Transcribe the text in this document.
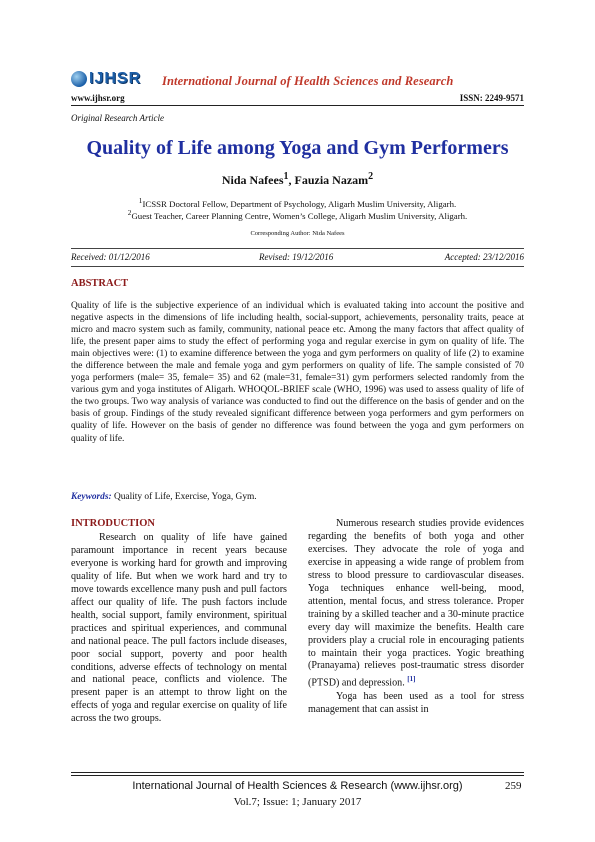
IJHSR International Journal of Health Sciences and Research
www.ijhsr.org	ISSN: 2249-9571
Original Research Article
Quality of Life among Yoga and Gym Performers
Nida Nafees$^1$, Fauzia Nazam$^2$
$^1$ICSSR Doctoral Fellow, Department of Psychology, Aligarh Muslim University, Aligarh.
$^2$Guest Teacher, Career Planning Centre, Women’s College, Aligarh Muslim University, Aligarh.
Corresponding Author: Nida Nafees
Received: 01/12/2016	Revised: 19/12/2016	Accepted: 23/12/2016
ABSTRACT
Quality of life is the subjective experience of an individual which is evaluated taking into account the positive and negative aspects in the dimensions of life including health, social-support, achievements, personality traits, peace at micro and macro system such as family, community, national peace etc. Among the many factors that affect quality of life, the present paper aims to study the effect of performing yoga and regular exercise in gym on quality of life. The main objectives were: (1) to examine difference between the yoga and gym performers on quality of life (2) to examine the difference between the male and female yoga and gym performers on quality of life. The sample consisted of 70 yoga performers (male= 35, female= 35) and 62 (male=31, female=31) gym performers selected randomly from the various gym and yoga institutes of Aligarh. WHOQOL-BRIEF scale (WHO, 1996) was used to assess quality of life of the two groups. Two way analysis of variance was conducted to find out the difference on the basis of gender and on the basis of group. Findings of the study revealed significant difference between yoga performers and gym performers on quality of life. However on the basis of gender no difference was found between the yoga and gym performers on quality of life.
Keywords: Quality of Life, Exercise, Yoga, Gym.
INTRODUCTION

Research on quality of life have gained paramount importance in recent years because everyone is working hard for growth and improving quality of life. But when we work hard and try to move towards excellence many push and pull factors affect our quality of life. The push factors include health, social support, family environment, spiritual practices and spiritual experiences, and communal and national peace. The pull factors include diseases, poor social support, poverty and poor health conditions, adverse effects of technology on mental and national peace, conflicts and violence. The present paper is an attempt to throw light on the effects of yoga and regular exercise on quality of life across the two groups.

Numerous research studies provide evidences regarding the benefits of both yoga and other exercises. They advocate the role of yoga and exercise in appeasing a wide range of problem from stress to blood pressure to cardiovascular diseases. Yoga techniques enhance well-being, mood, attention, mental focus, and stress tolerance. Proper training by a skilled teacher and a 30-minute practice every day will maximize the benefits. Health care providers play a crucial role in encouraging patients to maintain their yoga practices. Yogic breathing (Pranayama) relieves post-traumatic stress disorder (PTSD) and depression. [1]

Yoga has been used as a tool for stress management that can assist in

International Journal of Health Sciences & Research (www.ijhsr.org)	259
Vol.7; Issue: 1; January 2017
